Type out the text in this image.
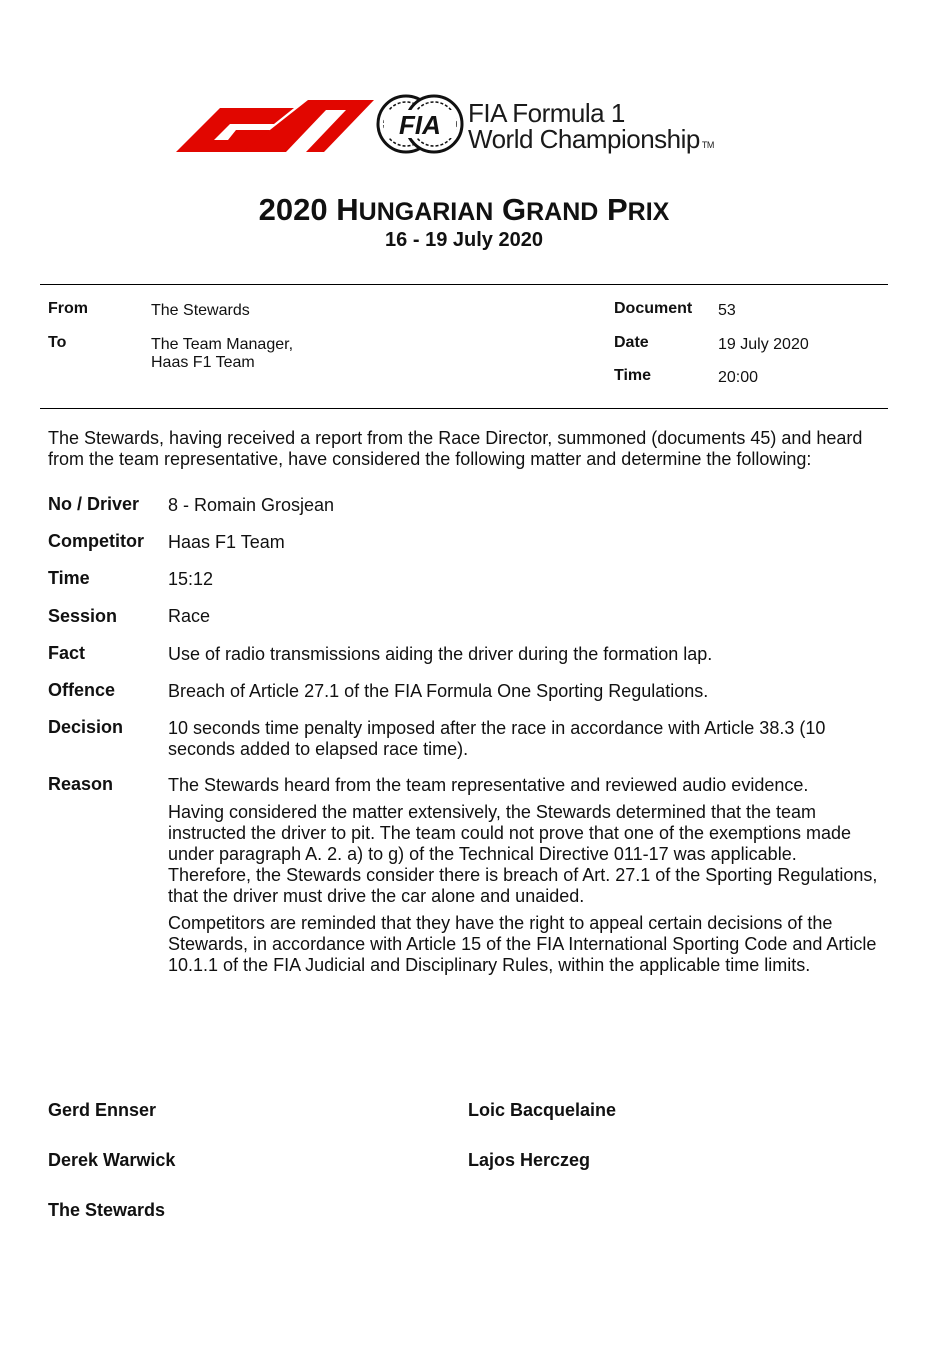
FIA FIA Formula 1
World Championship TM
2020 HUNGARIAN GRAND PRIX
16 - 19 July 2020
From	The Stewards
To	The Team Manager,
Haas F1 Team
Document 53
Date	19 July 2020
Time	20:00
The Stewards, having received a report from the Race Director, summoned (documents 45) and heard from the team representative, have considered the following matter and determine the following:
No / Driver 8 - Romain Grosjean
Competitor Haas F1 Team
Time	15:12
Session	Race
Fact	Use of radio transmissions aiding the driver during the formation lap.
Offence	Breach of Article 27.1 of the FIA Formula One Sporting Regulations.
Decision 10 seconds time penalty imposed after the race in accordance with Article 38.3 (10 seconds added to elapsed race time).
Reason	The Stewards heard from the team representative and reviewed audio evidence.

Having considered the matter extensively, the Stewards determined that the team instructed the driver to pit. The team could not prove that one of the exemptions made under paragraph A. 2. a) to g) of the Technical Directive 011-17 was applicable. Therefore, the Stewards consider there is breach of Art. 27.1 of the Sporting Regulations, that the driver must drive the car alone and unaided.

Competitors are reminded that they have the right to appeal certain decisions of the Stewards, in accordance with Article 15 of the FIA International Sporting Code and Article 10.1.1 of the FIA Judicial and Disciplinary Rules, within the applicable time limits.

Gerd Ennser	Loic Bacquelaine
Derek Warwick	Lajos Herczeg
The Stewards
